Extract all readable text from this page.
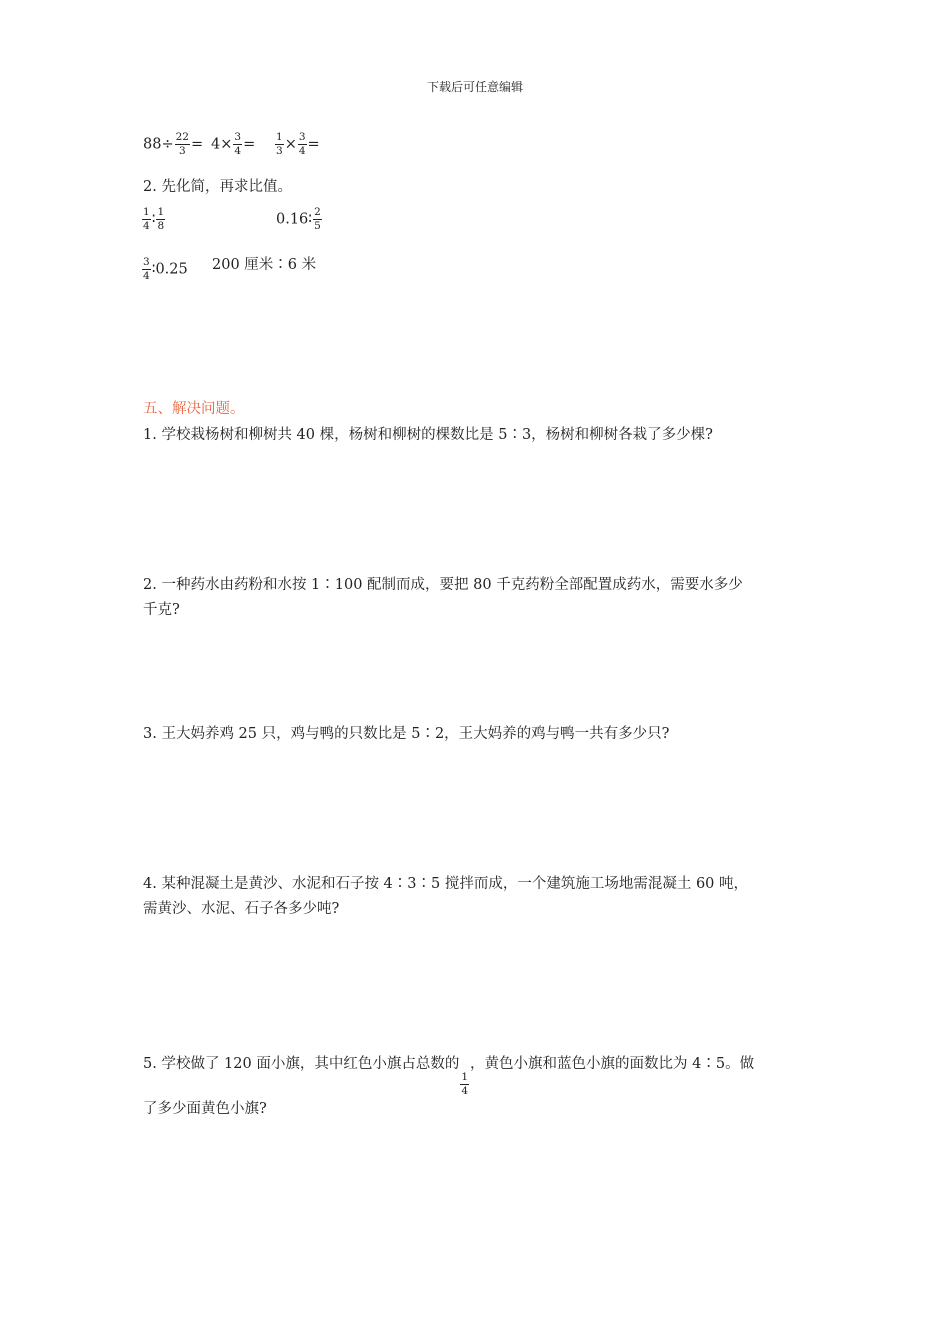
下载后可任意编辑
$88\div \frac{22}{3} = 4\times \frac{3}{4} = \frac{1}{3} \times \frac{3}{4}$ =
2. 先化简，再求比值。
$\frac{1}{4}$ ∶ $\frac{1}{8}$	0.16∶ $\frac{2}{5}$
$\frac{3}{4}$ ∶0.25 200 厘米∶6 米
五、解决问题。
1. 学校栽杨树和柳树共 40 棵，杨树和柳树的棵数比是 5∶3，杨树和柳树各栽了多少棵?
2. 一种药水由药粉和水按 1∶100 配制而成，要把 80 千克药粉全部配置成药水，需要水多少
千克?
3. 王大妈养鸡 25 只，鸡与鸭的只数比是 5∶2，王大妈养的鸡与鸭一共有多少只?
4. 某种混凝土是黄沙、水泥和石子按 4∶3∶5 搅拌而成，一个建筑施工场地需混凝土 60 吨，
需黄沙、水泥、石子各多少吨?
5. 学校做了 120 面小旗，其中红色小旗占总数的
$\frac{1}{4}$
，黄色小旗和蓝色小旗的面数比为 4∶5。做
了多少面黄色小旗?
